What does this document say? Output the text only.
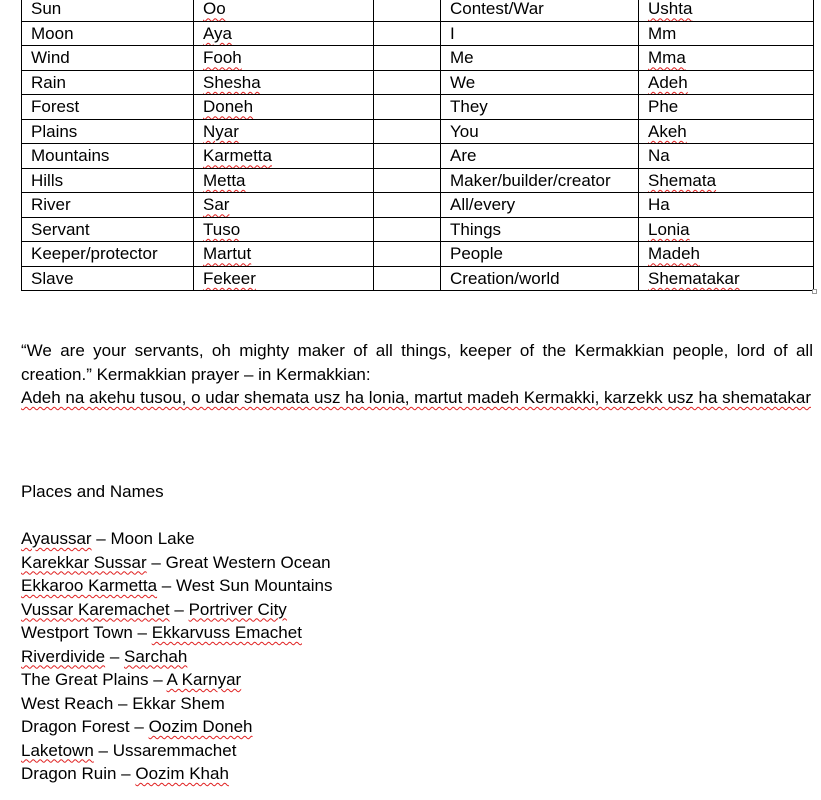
Sun	Oo		Contest/War	Ushta
Moon	Aya		I	Mm
Wind	Fooh		Me	Mma
Rain	Shesha		We	Adeh
Forest	Doneh		They	Phe
Plains	Nyar		You	Akeh
Mountains	Karmetta		Are	Na
Hills	Metta		Maker/builder/creator	Shemata
River	Sar		All/every	Ha
Servant	Tuso		Things	Lonia
Keeper/protector	Martut		People	Madeh
Slave	Fekeer		Creation/world	Shematakar

“We are your servants, oh mighty maker of all things, keeper of the Kermakkian people, lord of all creation.” Kermakkian prayer – in Kermakkian:

Adeh na akehu tusou, o udar shemata usz ha lonia, martut madeh Kermakki, karzekk usz ha shematakar

Places and Names
Ayaussar – Moon Lake
Karekkar Sussar – Great Western Ocean
Ekkaroo Karmetta – West Sun Mountains
Vussar Karemachet – Portriver City
Westport Town – Ekkarvuss Emachet
Riverdivide – Sarchah
The Great Plains – A Karnyar
West Reach – Ekkar Shem
Dragon Forest – Oozim Doneh
Laketown – Ussaremmachet
Dragon Ruin – Oozim Khah
